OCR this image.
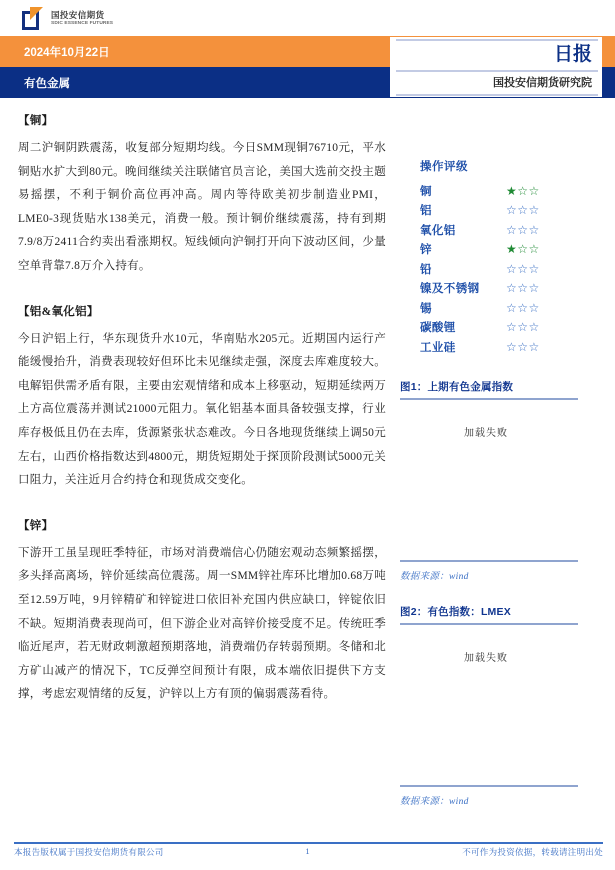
国投安信期货
SDIC ESSENCE FUTURES
2024年10月22日
有色金属
日报
国投安信期货研究院
【铜】

周二沪铜阴跌震荡，收复部分短期均线。今日SMM现铜76710元，平水铜贴水扩大到80元。晚间继续关注联储官员言论，美国大选前交投主题易摇摆，不利于铜价高位再冲高。周内等待欧美初步制造业PMI，LME0-3现货贴水138美元，消费一般。预计铜价继续震荡，持有到期7.9/8万2411合约卖出看涨期权。短线倾向沪铜打开向下波动区间，少量空单背靠7.8万介入持有。

【铝&氧化铝】

今日沪铝上行，华东现货升水10元，华南贴水205元。近期国内运行产能缓慢抬升，消费表现较好但环比未见继续走强，深度去库难度较大。电解铝供需矛盾有限，主要由宏观情绪和成本上移驱动，短期延续两万上方高位震荡并测试21000元阻力。氧化铝基本面具备较强支撑，行业库存极低且仍在去库，货源紧张状态难改。今日各地现货继续上调50元左右，山西价格指数达到4800元，期货短期处于探顶阶段测试5000元关口阻力，关注近月合约持仓和现货成交变化。

【锌】

下游开工虽呈现旺季特征，市场对消费端信心仍随宏观动态频繁摇摆，多头择高离场，锌价延续高位震荡。周一SMM锌社库环比增加0.68万吨至12.59万吨，9月锌精矿和锌锭进口依旧补充国内供应缺口，锌锭依旧不缺。短期消费表现尚可，但下游企业对高锌价接受度不足。传统旺季临近尾声，若无财政刺激超预期落地，消费端仍存转弱预期。冬储和北方矿山减产的情况下，TC反弹空间预计有限，成本端依旧提供下方支撑，考虑宏观情绪的反复，沪锌以上方有顶的偏弱震荡看待。

操作评级
铜	★☆☆
铝	☆☆☆
氧化铝	☆☆☆
锌	★☆☆
铅	☆☆☆
镍及不锈钢	☆☆☆
锡	☆☆☆
碳酸锂	☆☆☆
工业硅	☆☆☆
图1：上期有色金属指数
加载失败
数据来源：wind
图2：有色指数：LMEX
加载失败
数据来源：wind
本报告版权属于国投安信期货有限公司	不可作为投资依据，转载请注明出处
1
